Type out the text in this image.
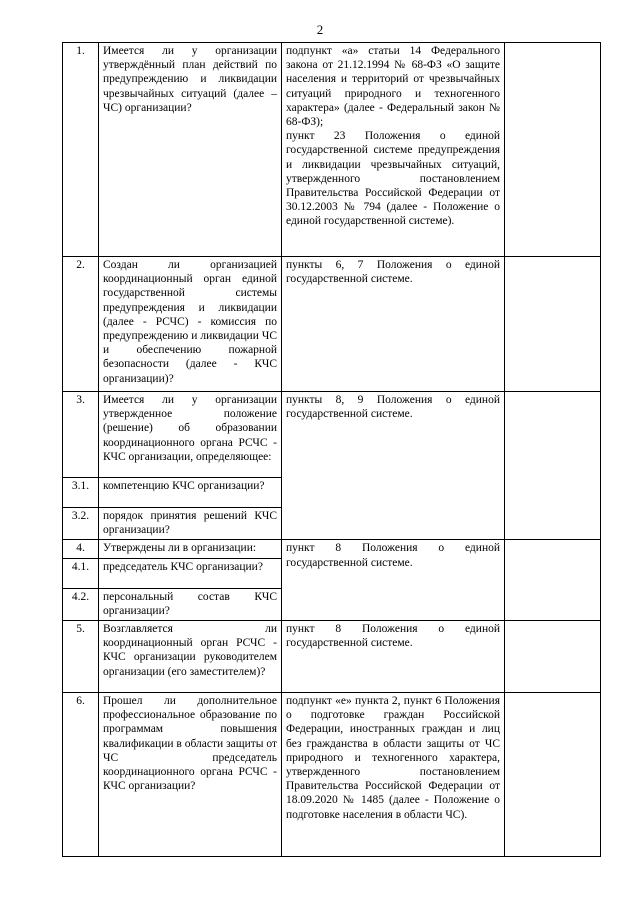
2
1.	Имеется ли у организации утверждённый план действий по предупреждению и ликвидации чрезвычайных ситуаций (далее – ЧС) организации?	подпункт «а» статьи 14 Федерального закона от 21.12.1994 № 68-ФЗ «О защите населения и территорий от чрезвычайных ситуаций природного и техногенного характера» (далее - Федеральный закон № 68-ФЗ);

пункт 23 Положения о единой государственной системе предупреждения и ликвидации чрезвычайных ситуаций, утвержденного постановлением Правительства Российской Федерации от 30.12.2003 № 794 (далее - Положение о единой государственной системе).	

2.	Создан ли организацией координационный орган единой государственной системы предупреждения и ликвидации (далее - РСЧС) - комиссия по предупреждению и ликвидации ЧС и обеспечению пожарной безопасности (далее - КЧС организации)?	пункты 6, 7 Положения о единой государственной системе.	
3.	Имеется ли у организации утвержденное положение (решение) об образовании координационного органа РСЧС - КЧС организации, определяющее:	пункты 8, 9 Положения о единой государственной системе.	
3.1.	компетенцию КЧС организации?		
3.2.	порядок принятия решений КЧС организации?		
4.	Утверждены ли в организации:	пункт 8 Положения о единой государственной системе.	
4.1.	председатель КЧС организации?		
4.2.	персональный состав КЧС организации?		
5.	Возглавляется ли координационный орган РСЧС - КЧС организации руководителем организации (его заместителем)?	пункт 8 Положения о единой государственной системе.	
6.	Прошел ли дополнительное профессиональное образование по программам повышения квалификации в области защиты от ЧС председатель координационного органа РСЧС - КЧС организации?	подпункт «е» пункта 2, пункт 6 Положения о подготовке граждан Российской Федерации, иностранных граждан и лиц без гражданства в области защиты от ЧС природного и техногенного характера, утвержденного постановлением Правительства Российской Федерации от 18.09.2020 № 1485 (далее - Положение о подготовке населения в области ЧС).	
